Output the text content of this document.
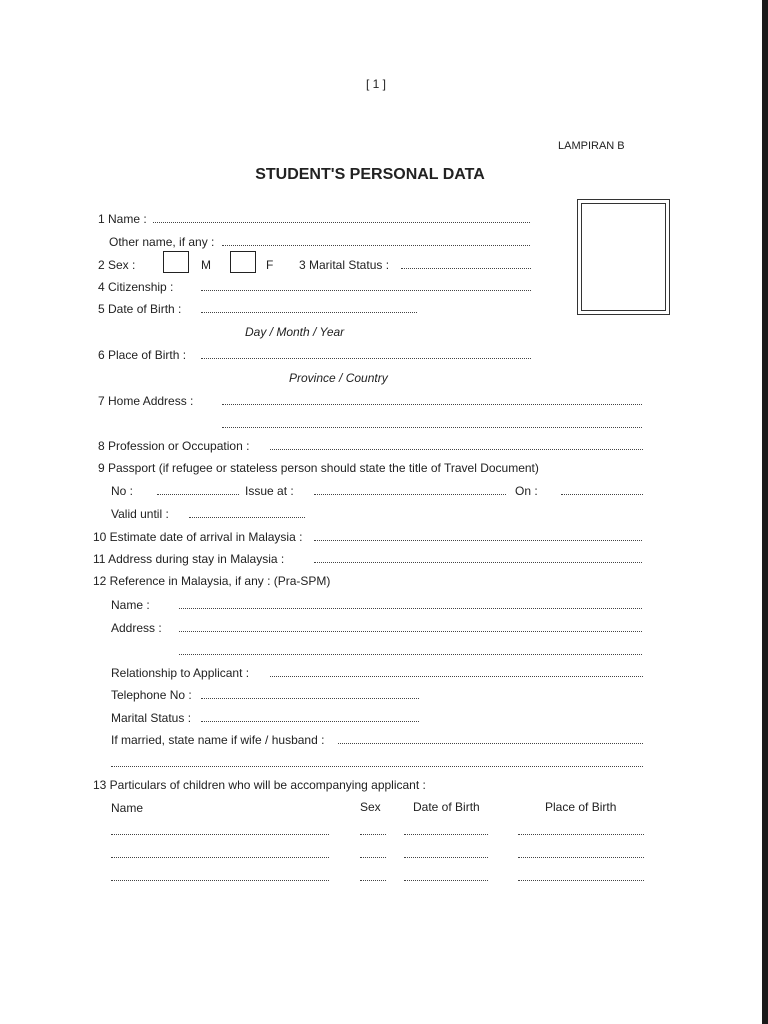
[ 1 ]
LAMPIRAN B
STUDENT'S PERSONAL DATA
1 Name :
Other name, if any :
2 Sex :	M	F 3 Marital Status :
4 Citizenship :
5 Date of Birth :
Day / Month / Year
6 Place of Birth :
Province / Country
7 Home Address :
8 Profession or Occupation :
9 Passport (if refugee or stateless person should state the title of Travel Document)
No :	Issue at :	On :
Valid until :
10 Estimate date of arrival in Malaysia :
11 Address during stay in Malaysia :
12 Reference in Malaysia, if any : (Pra-SPM)
Name :
Address :
Relationship to Applicant :
Telephone No :
Marital Status :
If married, state name if wife / husband :
13 Particulars of children who will be accompanying applicant :
Name	Sex	Date of Birth	Place of Birth
